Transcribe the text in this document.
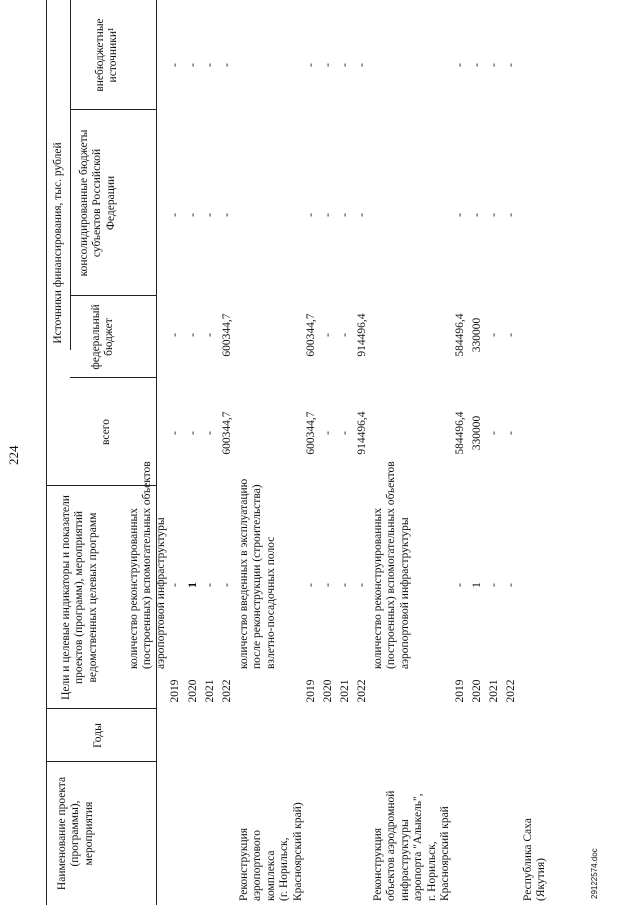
224
Наименование проекта
(программы),
мероприятия
Годы
Цели и целевые индикаторы и показатели
проектов (программ), мероприятий
ведомственных целевых программ
Источники финансирования, тыс. рублей
всего
федеральный
бюджет
консолидированные бюджеты
субъектов Российской
Федерации
внебюджетные
источники¹
количество реконструированных
(построенных) вспомогательных объектов
аэропортовой инфраструктуры
2019 2020 2021 2022
- 1 - -
- - - 600344,7
- - - 600344,7
- - - -
- - - -
Реконструкция
аэропортового
комплекса
(г. Норильск,
Красноярский край)
количество введенных в эксплуатацию
после реконструкции (строительства)
взлетно-посадочных полос
2019 2020 2021 2022
- - - -
600344,7 - - 914496,4
600344,7 - - 914496,4
- - - -
- - - -
Реконструкция
объектов аэродромной
инфраструктуры
аэропорта "Алыкель",
г. Норильск,
Красноярский край
количество реконструированных
(построенных) вспомогательных объектов
аэропортовой инфраструктуры
2019 2020 2021 2022
- 1 - -
584496,4 330000 - -
584496,4 330000 - -
- - - -
- - - -
Республика Саха
(Якутия)	29122574.doc
